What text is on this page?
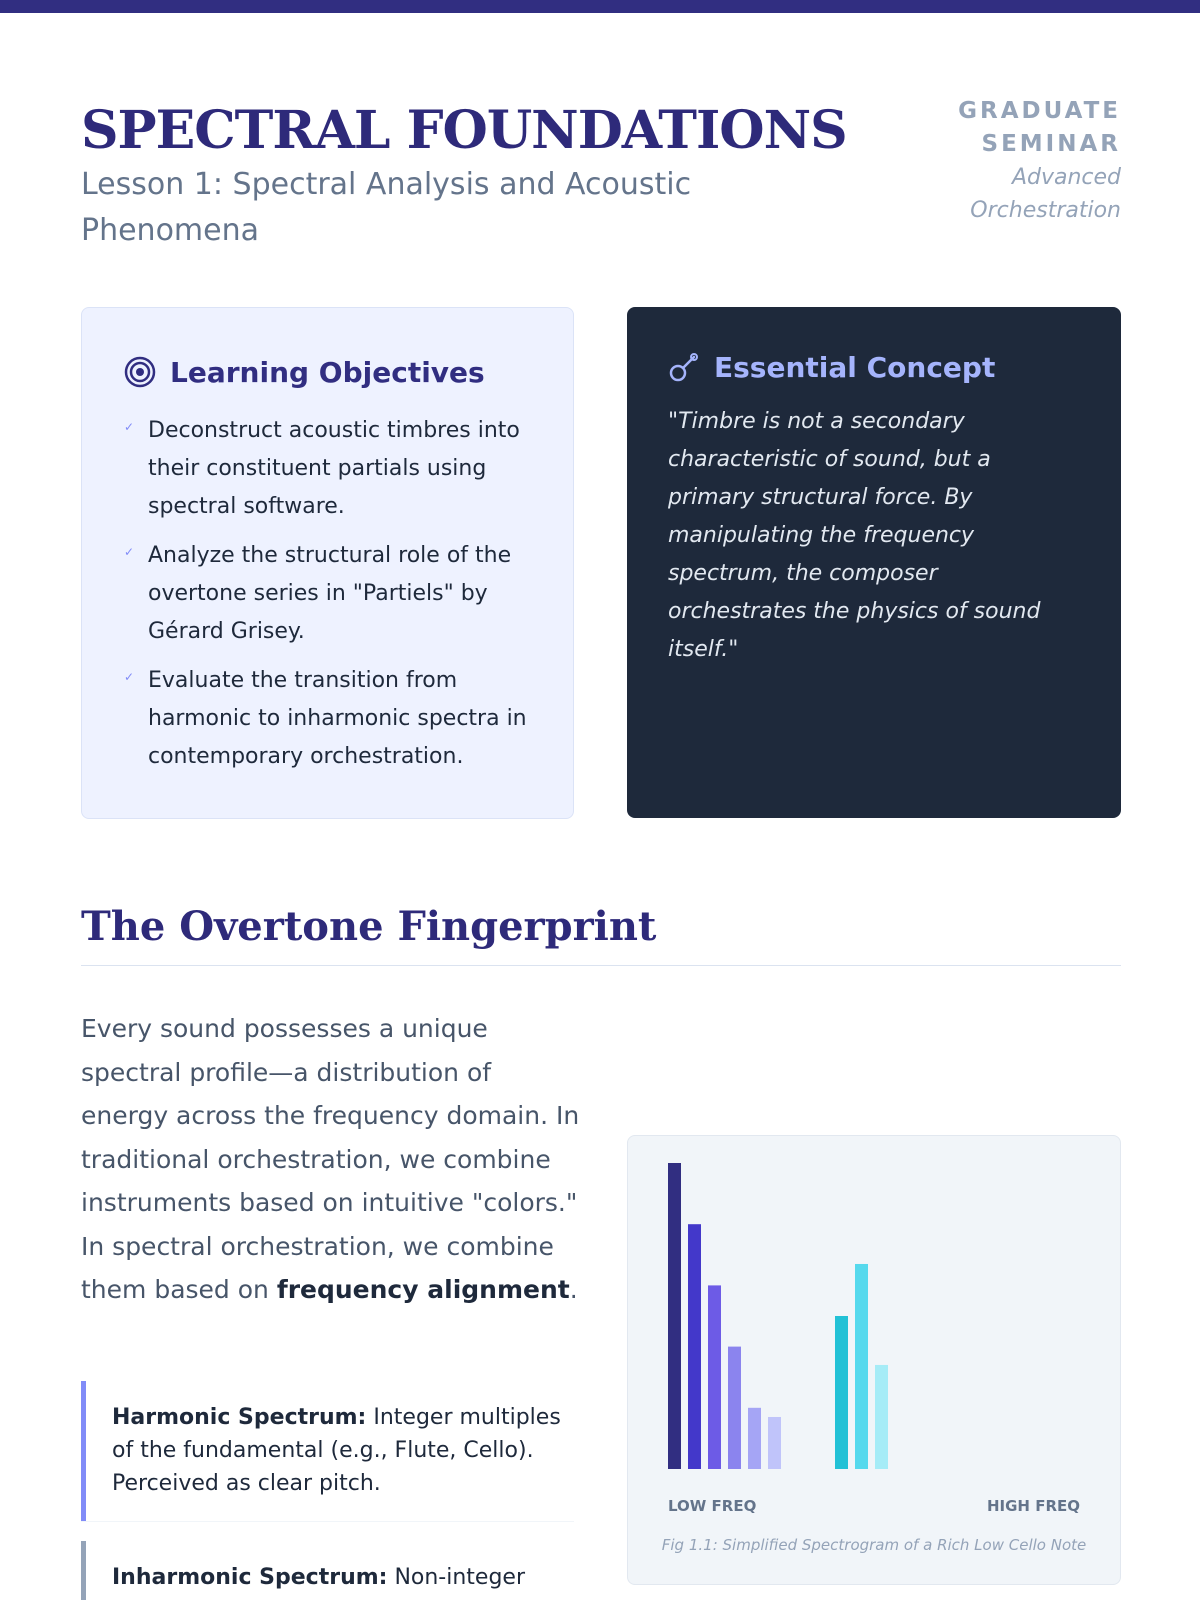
SPECTRAL FOUNDATIONS
Lesson 1: Spectral Analysis and Acoustic Phenomena
GRADUATE
SEMINAR
Advanced
Orchestration
Learning Objectives
✓ Deconstruct acoustic timbres into their constituent partials using spectral software.
✓ Analyze the structural role of the overtone series in "Partiels" by Gérard Grisey.
✓ Evaluate the transition from harmonic to inharmonic spectra in contemporary orchestration.
Essential Concept

"Timbre is not a secondary characteristic of sound, but a primary structural force. By manipulating the frequency spectrum, the composer orchestrates the physics of sound itself."

The Overtone Fingerprint

Every sound possesses a unique spectral profile—a distribution of energy across the frequency domain. In traditional orchestration, we combine instruments based on intuitive "colors." In spectral orchestration, we combine them based on frequency alignment.

Harmonic Spectrum: Integer multiples of the fundamental (e.g., Flute, Cello). Perceived as clear pitch.
Inharmonic Spectrum: Non-integer
LOW FREQ	HIGH FREQ
Fig 1.1: Simplified Spectrogram of a Rich Low Cello Note
